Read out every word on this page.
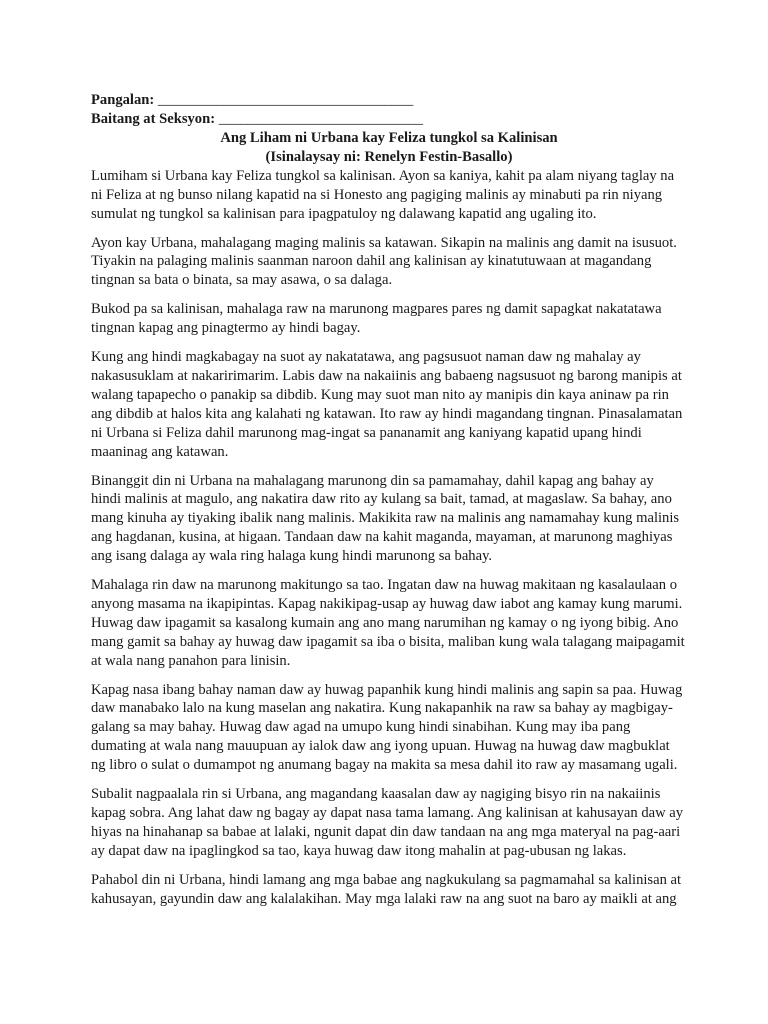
Pangalan: ___________________________________

Baitang at Seksyon: ____________________________

Ang Liham ni Urbana kay Feliza tungkol sa Kalinisan

(Isinalaysay ni: Renelyn Festin-Basallo)

Lumiham si Urbana kay Feliza tungkol sa kalinisan. Ayon sa kaniya, kahit pa alam niyang taglay na ni Feliza at ng bunso nilang kapatid na si Honesto ang pagiging malinis ay minabuti pa rin niyang sumulat ng tungkol sa kalinisan para ipagpatuloy ng dalawang kapatid ang ugaling ito.

Ayon kay Urbana, mahalagang maging malinis sa katawan. Sikapin na malinis ang damit na isusuot. Tiyakin na palaging malinis saanman naroon dahil ang kalinisan ay kinatutuwaan at magandang tingnan sa bata o binata, sa may asawa, o sa dalaga.

Bukod pa sa kalinisan, mahalaga raw na marunong magpares pares ng damit sapagkat nakatatawa tingnan kapag ang pinagtermo ay hindi bagay.

Kung ang hindi magkabagay na suot ay nakatatawa, ang pagsusuot naman daw ng mahalay ay nakasusuklam at nakaririmarim. Labis daw na nakaiinis ang babaeng nagsusuot ng barong manipis at walang tapapecho o panakip sa dibdib. Kung may suot man nito ay manipis din kaya aninaw pa rin ang dibdib at halos kita ang kalahati ng katawan. Ito raw ay hindi magandang tingnan. Pinasalamatan ni Urbana si Feliza dahil marunong mag-ingat sa pananamit ang kaniyang kapatid upang hindi maaninag ang katawan.

Binanggit din ni Urbana na mahalagang marunong din sa pamamahay, dahil kapag ang bahay ay hindi malinis at magulo, ang nakatira daw rito ay kulang sa bait, tamad, at magaslaw. Sa bahay, ano mang kinuha ay tiyaking ibalik nang malinis. Makikita raw na malinis ang namamahay kung malinis ang hagdanan, kusina, at higaan. Tandaan daw na kahit maganda, mayaman, at marunong maghiyas ang isang dalaga ay wala ring halaga kung hindi marunong sa bahay.

Mahalaga rin daw na marunong makitungo sa tao. Ingatan daw na huwag makitaan ng kasalaulaan o anyong masama na ikapipintas. Kapag nakikipag-usap ay huwag daw iabot ang kamay kung marumi. Huwag daw ipagamit sa kasalong kumain ang ano mang narumihan ng kamay o ng iyong bibig. Ano mang gamit sa bahay ay huwag daw ipagamit sa iba o bisita, maliban kung wala talagang maipagamit at wala nang panahon para linisin.

Kapag nasa ibang bahay naman daw ay huwag papanhik kung hindi malinis ang sapin sa paa. Huwag daw manabako lalo na kung maselan ang nakatira. Kung nakapanhik na raw sa bahay ay magbigay-galang sa may bahay. Huwag daw agad na umupo kung hindi sinabihan. Kung may iba pang dumating at wala nang mauupuan ay ialok daw ang iyong upuan. Huwag na huwag daw magbuklat ng libro o sulat o dumampot ng anumang bagay na makita sa mesa dahil ito raw ay masamang ugali.

Subalit nagpaalala rin si Urbana, ang magandang kaasalan daw ay nagiging bisyo rin na nakaiinis kapag sobra. Ang lahat daw ng bagay ay dapat nasa tama lamang. Ang kalinisan at kahusayan daw ay hiyas na hinahanap sa babae at lalaki, ngunit dapat din daw tandaan na ang mga materyal na pag-aari ay dapat daw na ipaglingkod sa tao, kaya huwag daw itong mahalin at pag-ubusan ng lakas.

Pahabol din ni Urbana, hindi lamang ang mga babae ang nagkukulang sa pagmamahal sa kalinisan at kahusayan, gayundin daw ang kalalakihan. May mga lalaki raw na ang suot na baro ay maikli at ang
